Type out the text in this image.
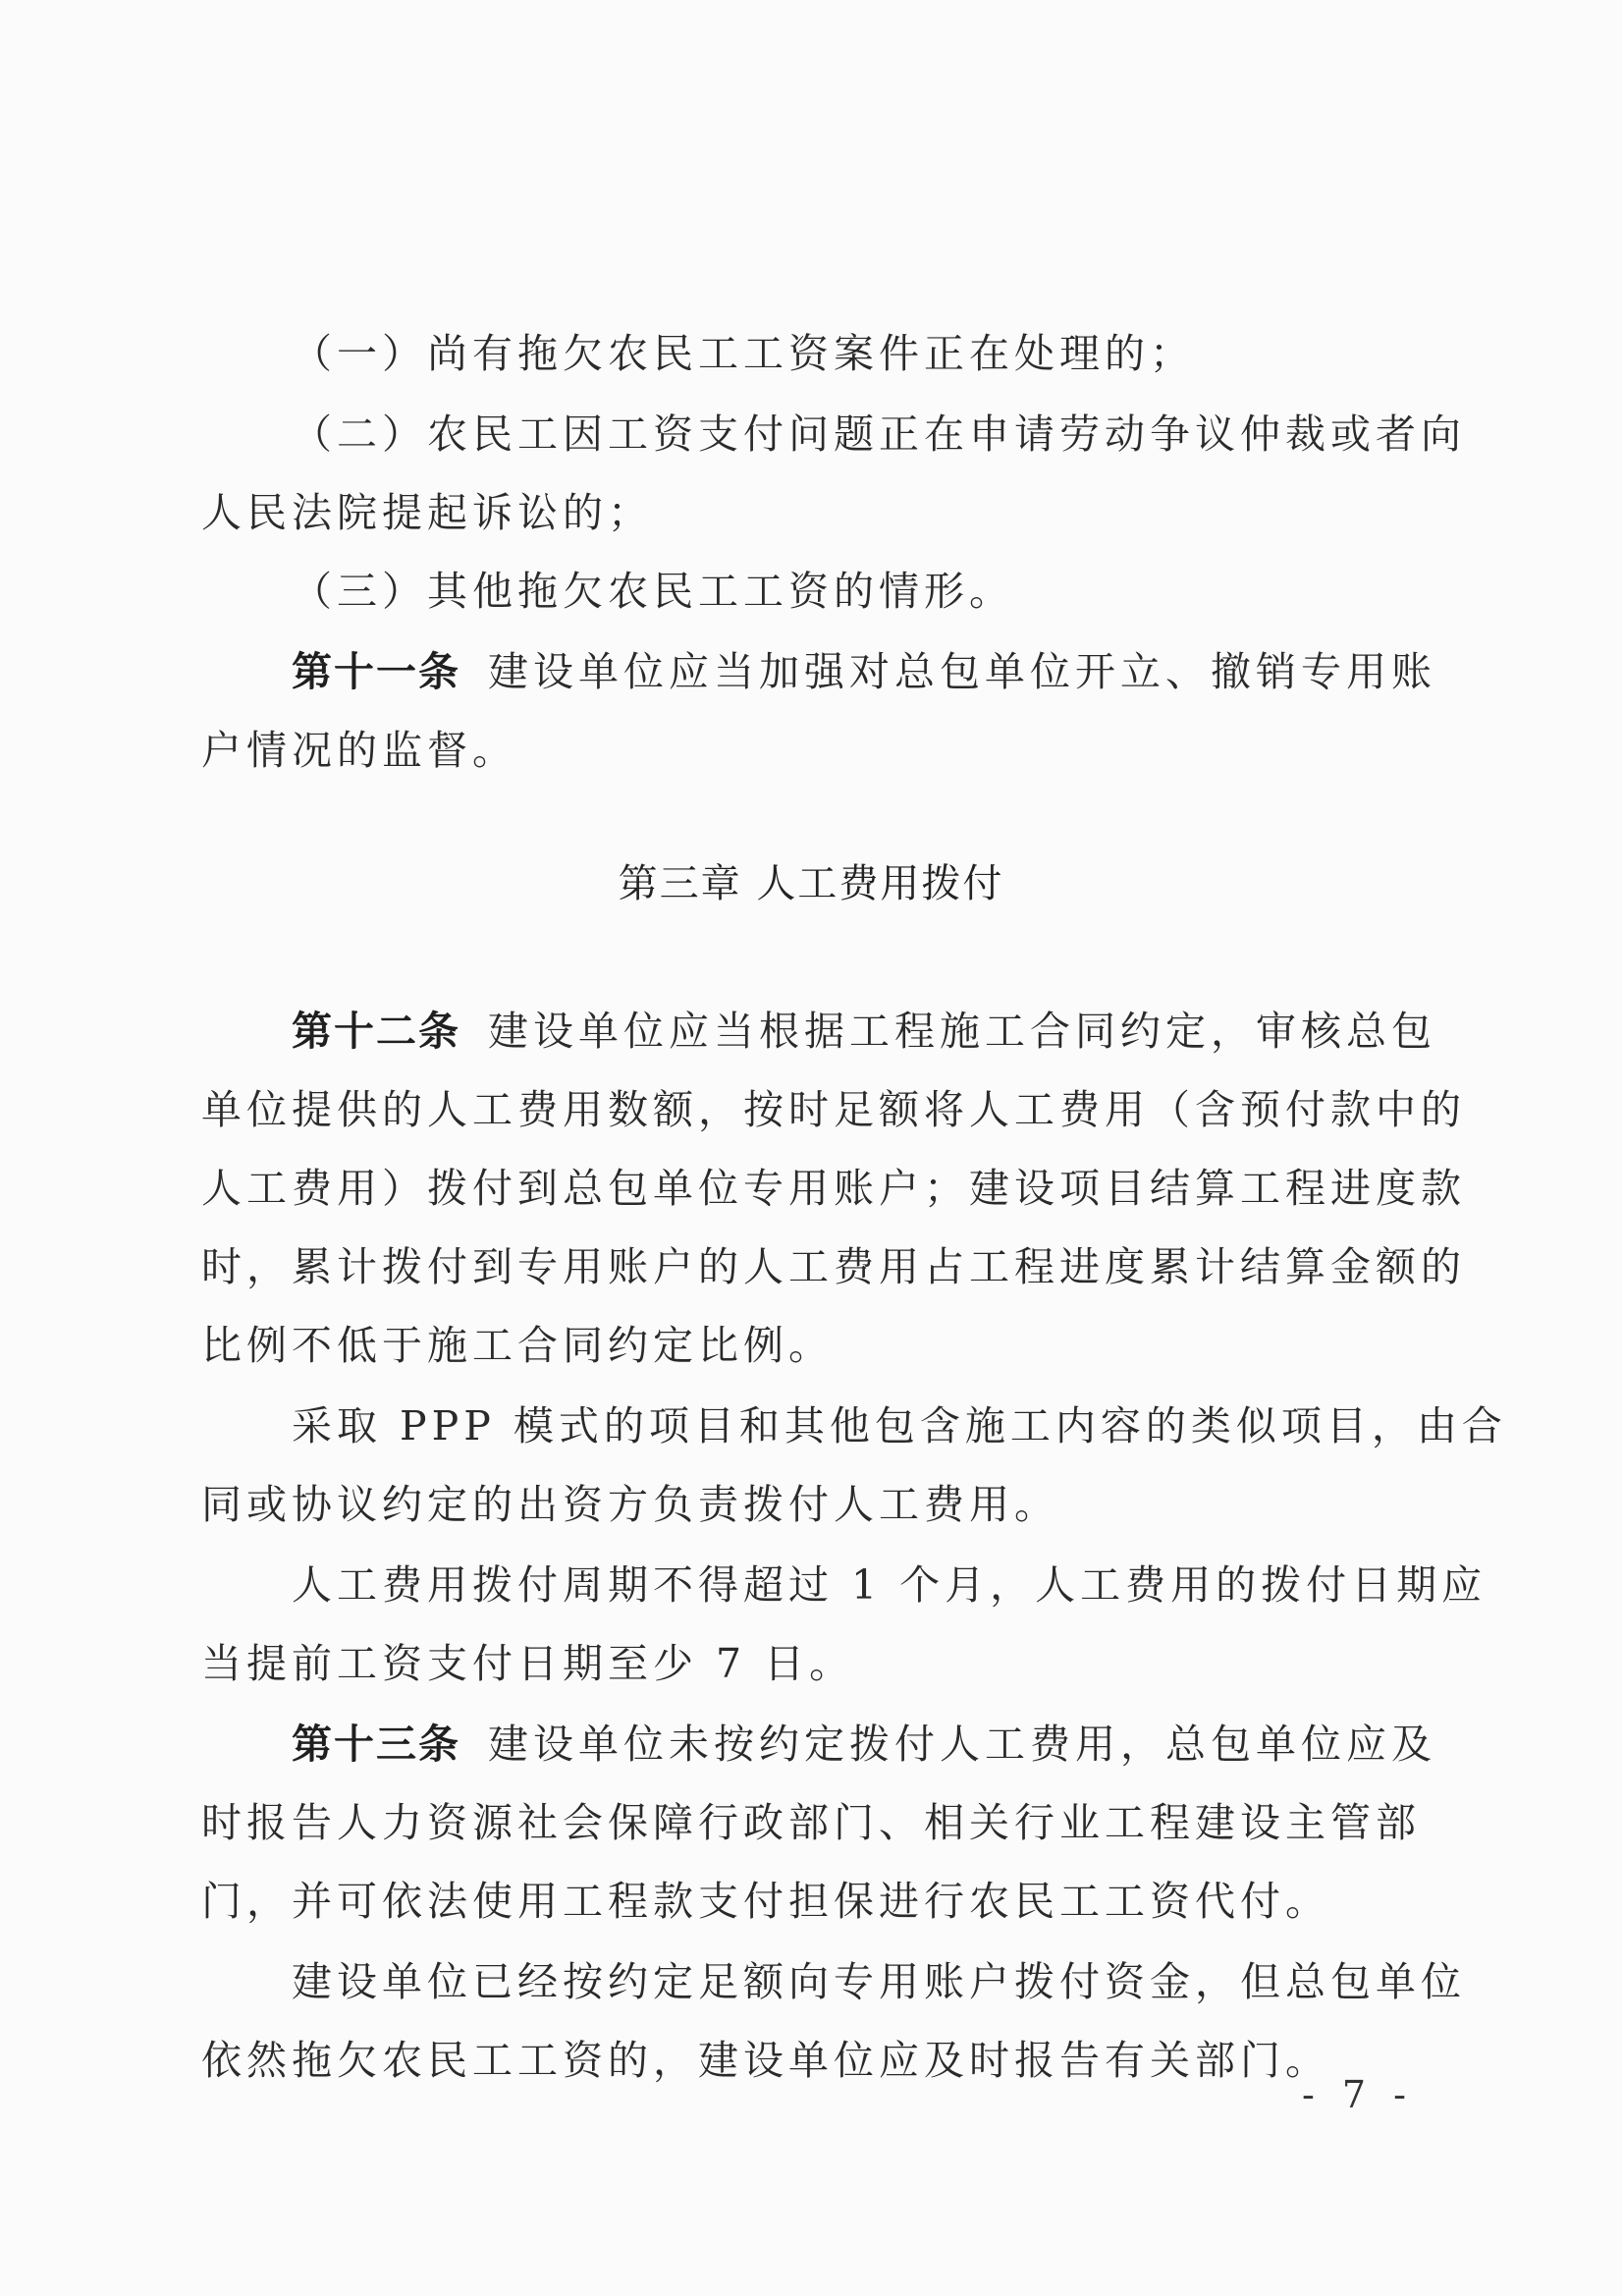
（一）尚有拖欠农民工工资案件正在处理的；
（二）农民工因工资支付问题正在申请劳动争议仲裁或者向
人民法院提起诉讼的；
（三）其他拖欠农民工工资的情形。
第十一条 建设单位应当加强对总包单位开立、撤销专用账
户情况的监督。
第三章 人工费用拨付
第十二条 建设单位应当根据工程施工合同约定，审核总包
单位提供的人工费用数额，按时足额将人工费用（含预付款中的
人工费用）拨付到总包单位专用账户；建设项目结算工程进度款
时，累计拨付到专用账户的人工费用占工程进度累计结算金额的
比例不低于施工合同约定比例。
采取 PPP 模式的项目和其他包含施工内容的类似项目，由合
同或协议约定的出资方负责拨付人工费用。
人工费用拨付周期不得超过 1 个月，人工费用的拨付日期应
当提前工资支付日期至少 7 日。
第十三条 建设单位未按约定拨付人工费用，总包单位应及
时报告人力资源社会保障行政部门、相关行业工程建设主管部
门，并可依法使用工程款支付担保进行农民工工资代付。
建设单位已经按约定足额向专用账户拨付资金，但总包单位
依然拖欠农民工工资的，建设单位应及时报告有关部门。
- 7 -
